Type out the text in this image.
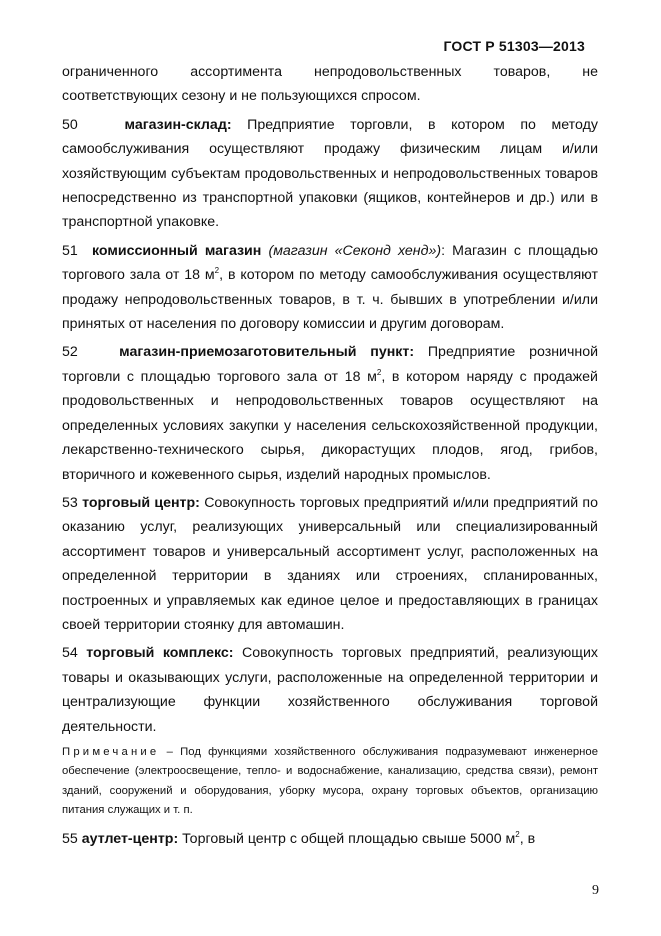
ГОСТ Р 51303—2013

ограниченного ассортимента непродовольственных товаров, не соответствующих сезону и не пользующихся спросом.

50	магазин-склад: Предприятие торговли, в котором по методу самообслуживания осуществляют продажу физическим лицам и/или хозяйствующим субъектам продовольственных и непродовольственных товаров непосредственно из транспортной упаковки (ящиков, контейнеров и др.) или в транспортной упаковке.

51 комиссионный магазин (магазин «Секонд хенд»): Магазин с площадью торгового зала от 18 $м^2$, в котором по методу самообслуживания осуществляют продажу непродовольственных товаров, в т. ч. бывших в употреблении и/или принятых от населения по договору комиссии и другим договорам.

52	магазин-приемозаготовительный пункт: Предприятие розничной торговли с площадью торгового зала от 18 $м^2$, в котором наряду с продажей продовольственных и непродовольственных товаров осуществляют на определенных условиях закупки у населения сельскохозяйственной продукции, лекарственно-технического сырья, дикорастущих плодов, ягод, грибов, вторичного и кожевенного сырья, изделий народных промыслов.

53 торговый центр: Совокупность торговых предприятий и/или предприятий по оказанию услуг, реализующих универсальный или специализированный ассортимент товаров и универсальный ассортимент услуг, расположенных на определенной территории в зданиях или строениях, спланированных, построенных и управляемых как единое целое и предоставляющих в границах своей территории стоянку для автомашин.

54 торговый комплекс: Совокупность торговых предприятий, реализующих товары и оказывающих услуги, расположенные на определенной территории и централизующие функции хозяйственного обслуживания торговой деятельности.

Примечание – Под функциями хозяйственного обслуживания подразумевают инженерное обеспечение (электроосвещение, тепло- и водоснабжение, канализацию, средства связи), ремонт зданий, сооружений и оборудования, уборку мусора, охрану торговых объектов, организацию питания служащих и т. п.

55 аутлет-центр: Торговый центр с общей площадью свыше 5000 $м^2$, в

9
